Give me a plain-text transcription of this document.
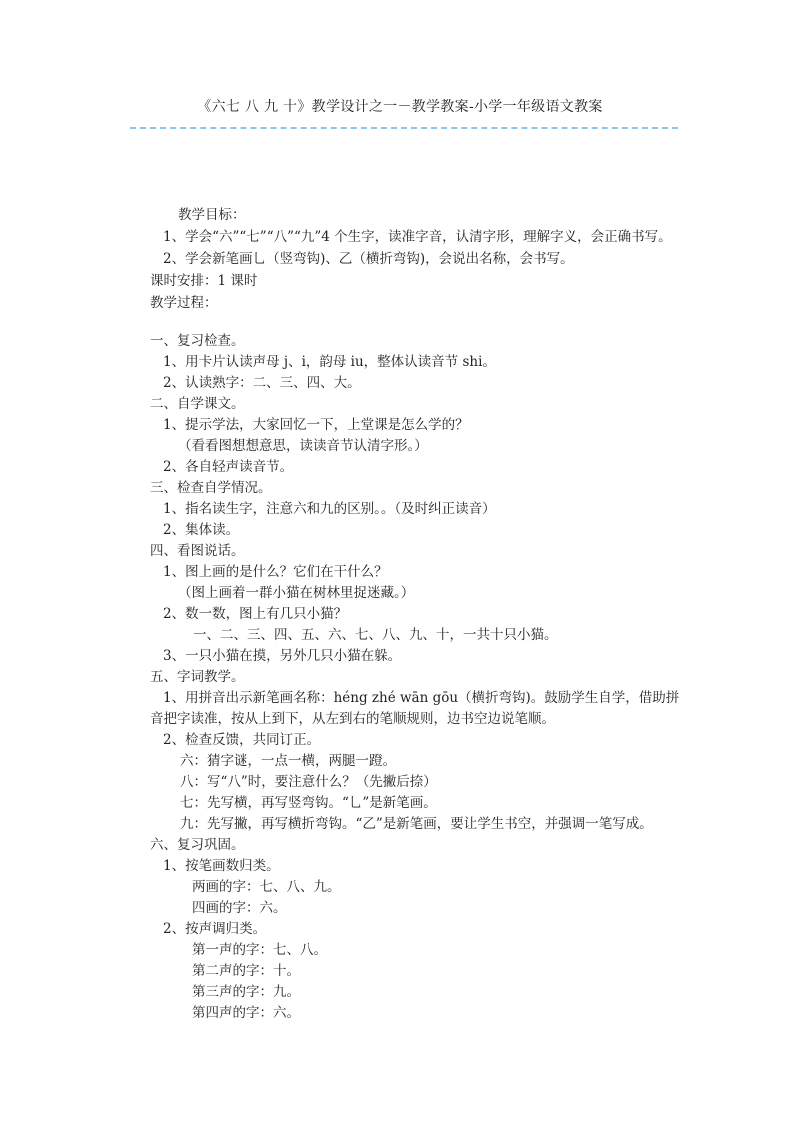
《六七 八 九 十》教学设计之一－教学教案-小学一年级语文教案
教学目标：
1、学会“六”“七”“八”“九”4 个生字，读准字音，认清字形，理解字义，会正确书写。
2、学会新笔画乚（竖弯钩)、乙（横折弯钩)，会说出名称，会书写。
课时安排：1 课时
教学过程：
一、复习检查。
1、用卡片认读声母 j、i，韵母 iu，整体认读音节 shi。
2、认读熟字：二、三、四、大。
二、自学课文。
1、提示学法，大家回忆一下，上堂课是怎么学的？
（看看图想想意思，读读音节认清字形。）
2、各自轻声读音节。
三、检查自学情况。
1、指名读生字，注意六和九的区别。。（及时纠正读音）
2、集体读。
四、看图说话。
1、图上画的是什么？它们在干什么？
（图上画着一群小猫在树林里捉迷藏。）
2、数一数，图上有几只小猫？
一、二、三、四、五、六、七、八、九、十，一共十只小猫。
3、一只小猫在摸，另外几只小猫在躲。
五、字词教学。
1、用拼音出示新笔画名称：héng zhé wān gōu（横折弯钩)。鼓励学生自学，借助拼
音把字读准，按从上到下，从左到右的笔顺规则，边书空边说笔顺。
2、检查反馈，共同订正。
六：猜字谜，一点一横，两腿一蹬。
八：写“八”时，要注意什么？（先撇后捺）
七：先写横，再写竖弯钩。“乚”是新笔画。
九：先写撇，再写横折弯钩。“乙”是新笔画，要让学生书空，并强调一笔写成。
六、复习巩固。
1、按笔画数归类。
两画的字：七、八、九。
四画的字：六。
2、按声调归类。
第一声的字：七、八。
第二声的字：十。
第三声的字：九。
第四声的字：六。
